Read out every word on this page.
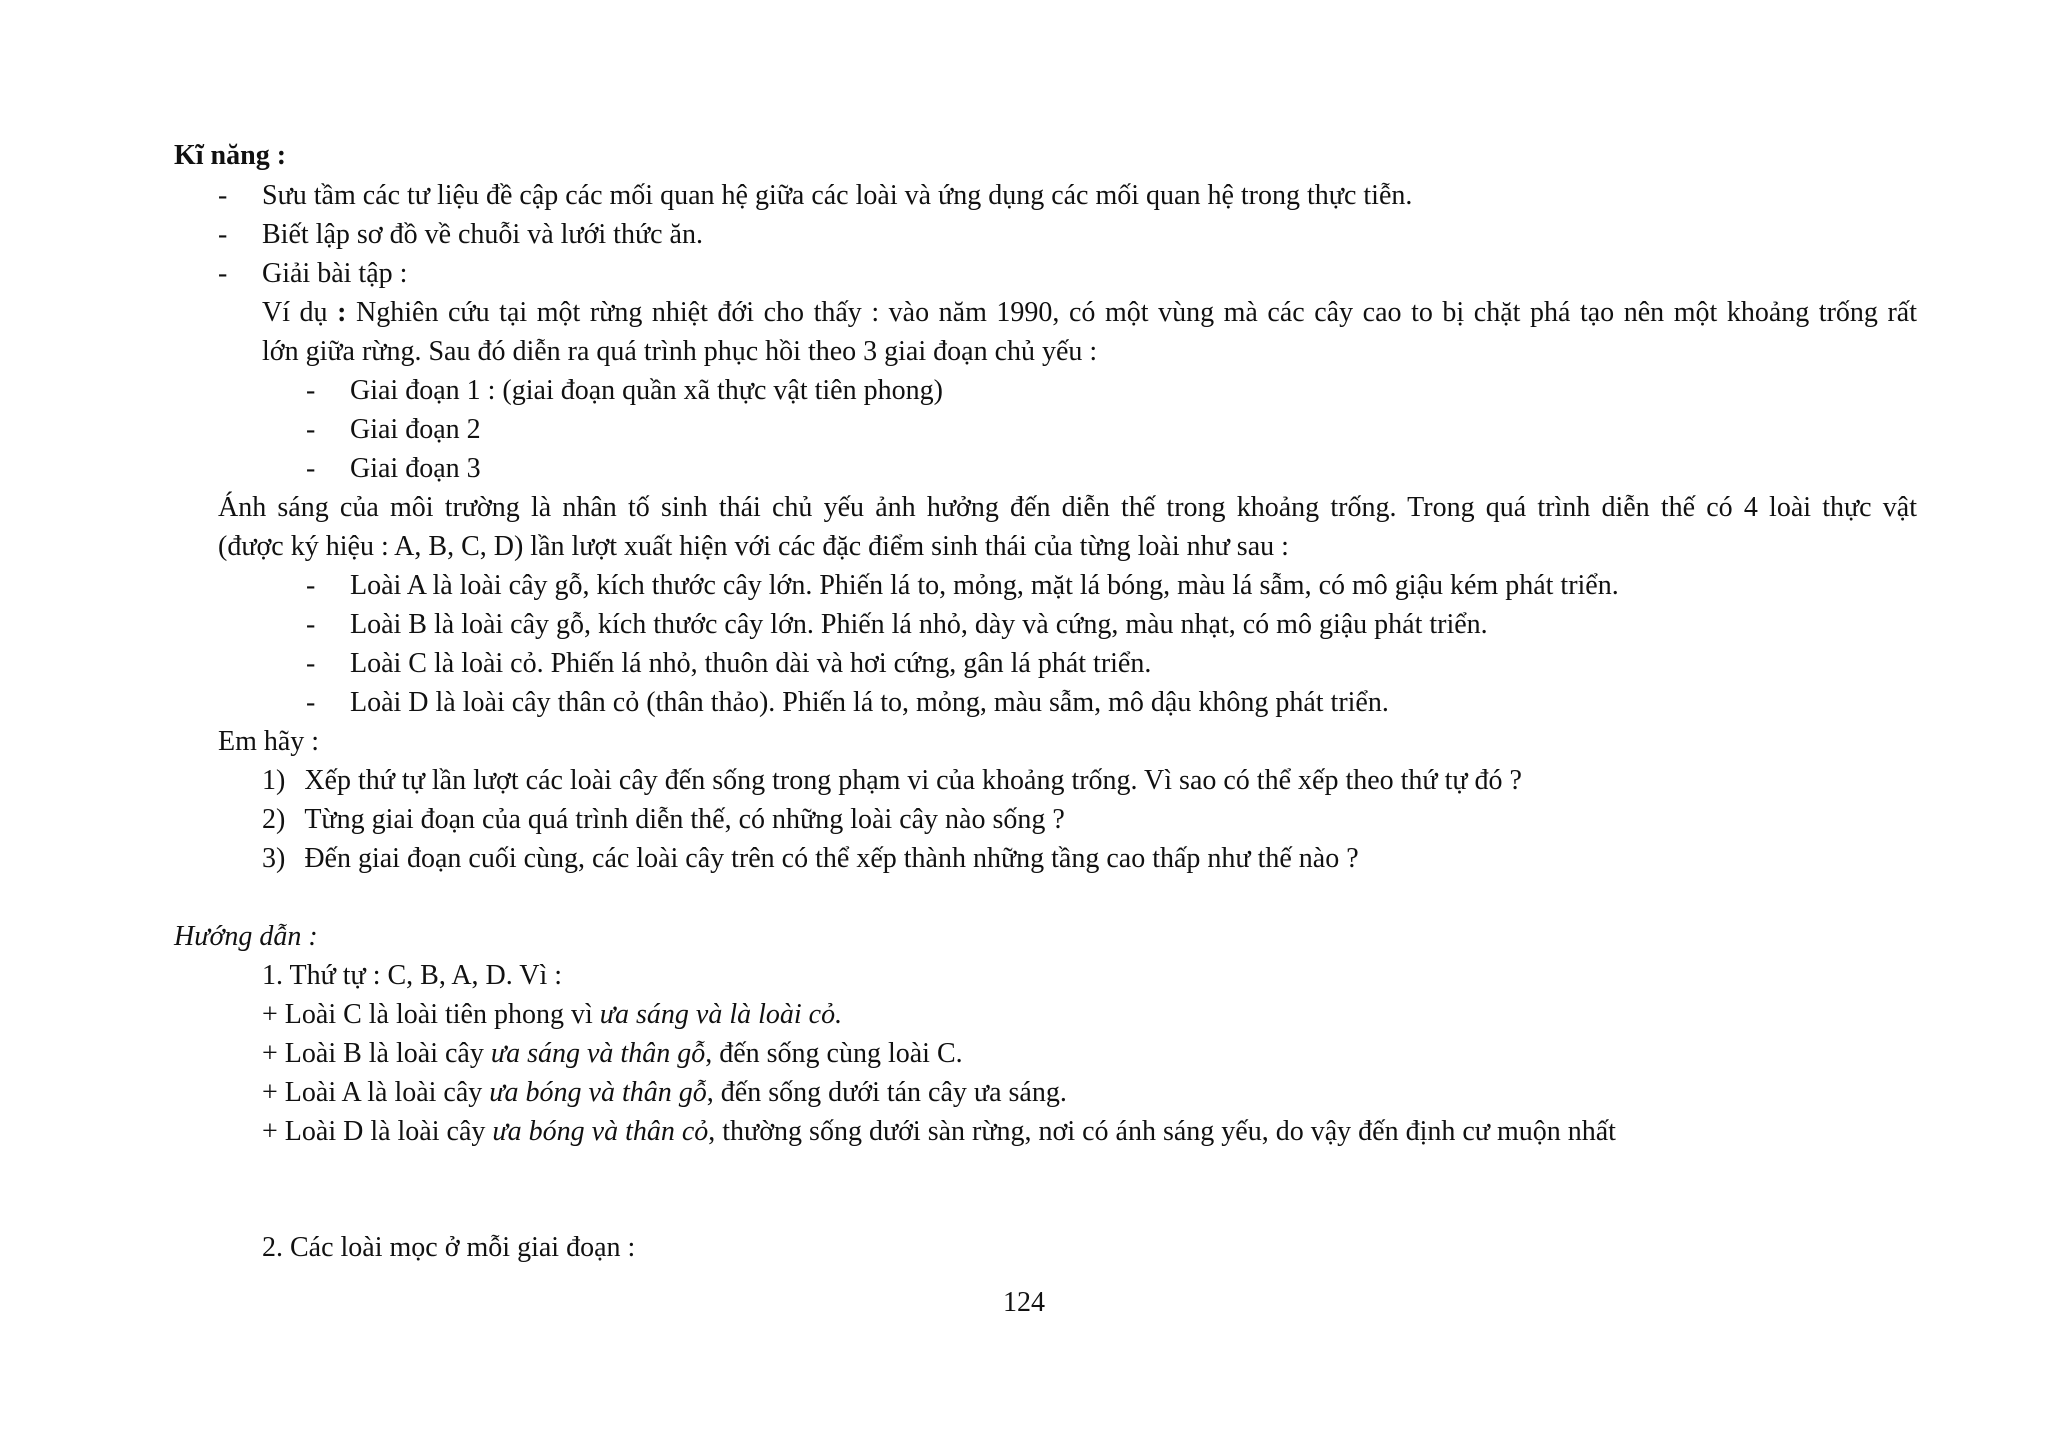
Kĩ năng :
-	Sưu tầm các tư liệu đề cập các mối quan hệ giữa các loài và ứng dụng các mối quan hệ trong thực tiễn.
-	Biết lập sơ đồ về chuỗi và lưới thức ăn.
-	Giải bài tập :
Ví dụ : Nghiên cứu tại một rừng nhiệt đới cho thấy : vào năm 1990, có một vùng mà các cây cao to bị chặt phá tạo nên một khoảng trống rất
lớn giữa rừng. Sau đó diễn ra quá trình phục hồi theo 3 giai đoạn chủ yếu :
-	Giai đoạn 1 : (giai đoạn quần xã thực vật tiên phong)
-	Giai đoạn 2
-	Giai đoạn 3
Ánh sáng của môi trường là nhân tố sinh thái chủ yếu ảnh hưởng đến diễn thế trong khoảng trống. Trong quá trình diễn thế có 4 loài thực vật
(được ký hiệu : A, B, C, D) lần lượt xuất hiện với các đặc điểm sinh thái của từng loài như sau :
-	Loài A là loài cây gỗ, kích thước cây lớn. Phiến lá to, mỏng, mặt lá bóng, màu lá sẫm, có mô giậu kém phát triển.
-	Loài B là loài cây gỗ, kích thước cây lớn. Phiến lá nhỏ, dày và cứng, màu nhạt, có mô giậu phát triển.
-	Loài C là loài cỏ. Phiến lá nhỏ, thuôn dài và hơi cứng, gân lá phát triển.
-	Loài D là loài cây thân cỏ (thân thảo). Phiến lá to, mỏng, màu sẫm, mô dậu không phát triển.
Em hãy :
1) Xếp thứ tự lần lượt các loài cây đến sống trong phạm vi của khoảng trống. Vì sao có thể xếp theo thứ tự đó ?
2) Từng giai đoạn của quá trình diễn thế, có những loài cây nào sống ?
3) Đến giai đoạn cuối cùng, các loài cây trên có thể xếp thành những tầng cao thấp như thế nào ?
Hướng dẫn :
1. Thứ tự : C, B, A, D. Vì :
+ Loài C là loài tiên phong vì ưa sáng và là loài cỏ.
+ Loài B là loài cây ưa sáng và thân gỗ, đến sống cùng loài C.
+ Loài A là loài cây ưa bóng và thân gỗ, đến sống dưới tán cây ưa sáng.
+ Loài D là loài cây ưa bóng và thân cỏ, thường sống dưới sàn rừng, nơi có ánh sáng yếu, do vậy đến định cư muộn nhất
2. Các loài mọc ở mỗi giai đoạn :
124
